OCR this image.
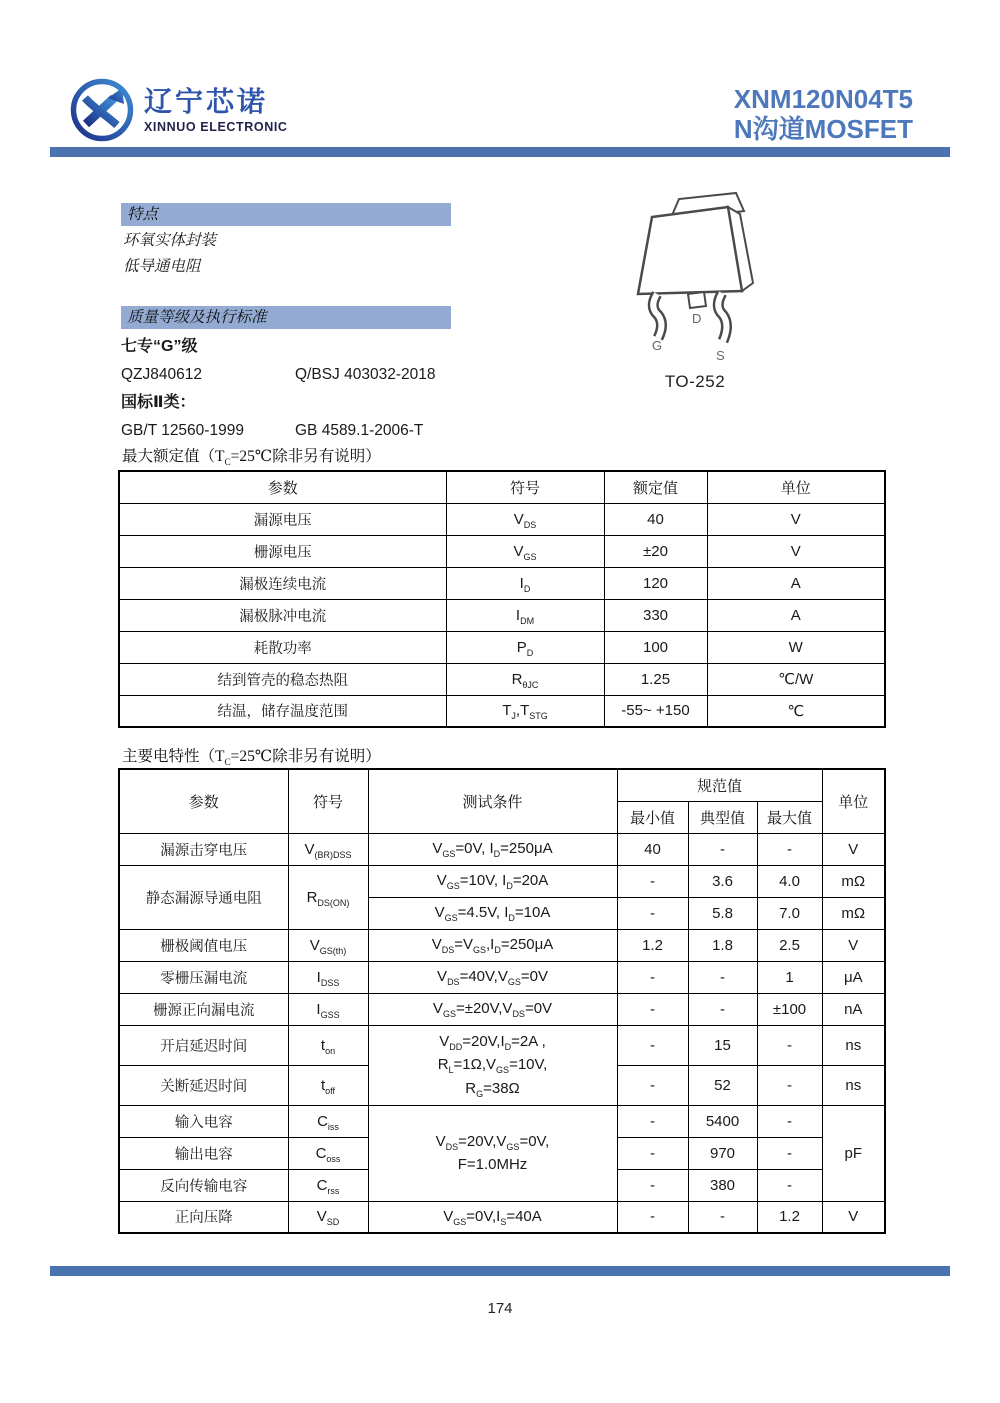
辽宁芯诺
XINNUO ELECTRONIC
XNM120N04T5
N沟道MOSFET
特点
环氧实体封装
低导通电阻
质量等级及执行标准
七专“G”级
QZJ840612	Q/BSJ 403032-2018
国标Ⅱ类：
GB/T 12560-1999	GB 4589.1-2006-T
D
G
S
TO-252
最大额定值（$T_C=25℃$除非另有说明）
参数	符号	额定值	单位
漏源电压	$V_{DS}$	40	V
栅源电压	$V_{GS}$	±20	V
漏极连续电流	$I_D$	120	A
漏极脉冲电流	$I_{DM}$	330	A
耗散功率	$P_D$	100	W
结到管壳的稳态热阻	$R_{\theta JC}$	1.25	℃/W
结温，储存温度范围	$T_J,T_{STG}$	-55~ +150	℃
主要电特性（$T_C=25℃$除非另有说明）
参数	符号	测试条件	规范值			单位
			最小值	典型值	最大值	
漏源击穿电压	$V_{(BR)DSS}$	$V_{GS}=0V$, $I_D=250\mu A$	40	-	-	V
静态漏源导通电阻	$R_{DS(ON)}$	$V_{GS}=10V$, $I_D=20A$	-	3.6	4.0	mΩ
		$V_{GS}=4.5V$, $I_D=10A$	-	5.8	7.0	mΩ
栅极阈值电压	$V_{GS(th)}$	$V_{DS}=V_{GS},I_D=250\mu A$	1.2	1.8	2.5	V
零栅压漏电流	$I_{DSS}$	$V_{DS}=40V,V_{GS}=0V$	-	-	1	μA
栅源正向漏电流	$I_{GSS}$	$V_{GS}=\pm 20V,V_{DS}=0V$	-	-	±100	nA
开启延迟时间	$t_{on}$	$V_{DD}=20V,I_D=2A$ ,
$R_L=1\Omega,V_{GS}=10V$,
$R_G=38\Omega$	-	15	-	ns
关断延迟时间	$t_{off}$		-	52	-	ns
输入电容	$C_{iss}$	$V_{DS}=20V,V_{GS}=0V$,
F=1.0MHz	-	5400	-	pF
输出电容	$C_{oss}$		-	970	-	
反向传输电容	$C_{rss}$		-	380	-	
正向压降	$V_{SD}$	$V_{GS}=0V,I_S=40A$	-	-	1.2	V
174
